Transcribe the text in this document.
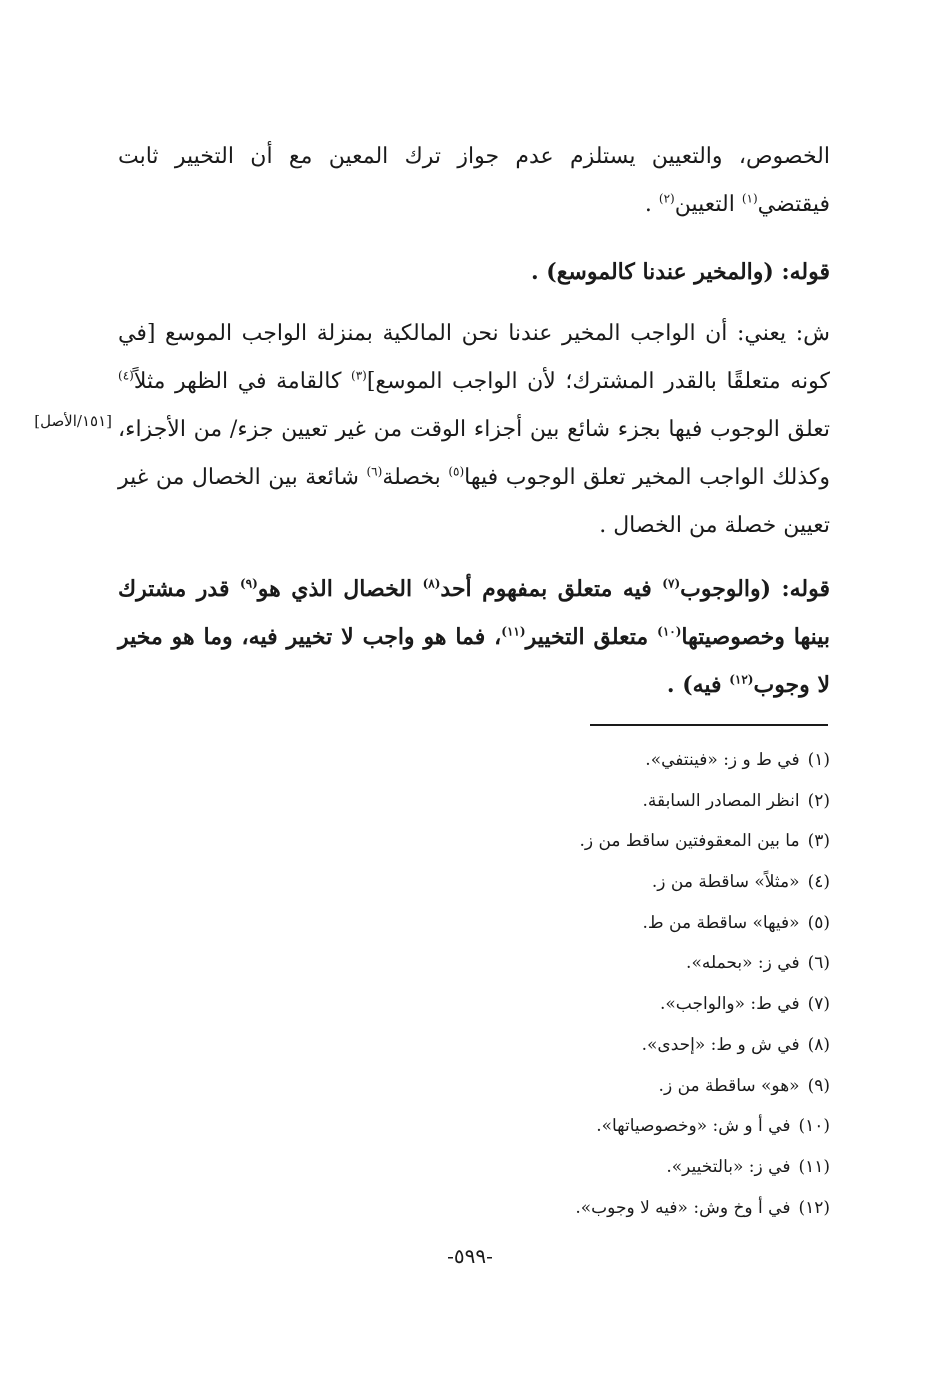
الخصوص، والتعيين يستلزم عدم جواز ترك المعين مع أن التخيير ثابت فيقتضي$^{(١)}$ التعيين$^{(٢)}$ .

قوله: (والمخير عندنا كالموسع) .

ش: يعني: أن الواجب المخير عندنا نحن المالكية بمنزلة الواجب الموسع [في كونه متعلقًا بالقدر المشترك؛ لأن الواجب الموسع]$^{(٣)}$ كالقامة في الظهر مثلاً$^{(٤)}$ تعلق الوجوب فيها بجزء شائع بين أجزاء الوقت من غير تعيين جزء/ من الأجزاء، وكذلك الواجب المخير تعلق الوجوب فيها$^{(٥)}$ بخصلة$^{(٦)}$ شائعة بين الخصال من غير تعيين خصلة من الخصال .

[١٥١/الأصل]

قوله: (والوجوب$^{(٧)}$ فيه متعلق بمفهوم أحد$^{(٨)}$ الخصال الذي هو$^{(٩)}$ قدر مشترك بينها وخصوصيتها$^{(١٠)}$ متعلق التخيير$^{(١١)}$، فما هو واجب لا تخيير فيه، وما هو مخير لا وجوب$^{(١٢)}$ فيه) .

(١)في ط و ز: «فينتفي».
(٢)انظر المصادر السابقة.
(٣)ما بين المعقوفتين ساقط من ز.
(٤)«مثلاً» ساقطة من ز.
(٥)«فيها» ساقطة من ط.
(٦)في ز: «بحمله».
(٧)في ط: «والواجب».
(٨)في ش و ط: «إحدى».
(٩)«هو» ساقطة من ز.
(١٠)في أ و ش: «وخصوصياتها».
(١١)في ز: «بالتخيير».
(١٢)في أ وخ وش: «فيه لا وجوب».
-٥٩٩-
